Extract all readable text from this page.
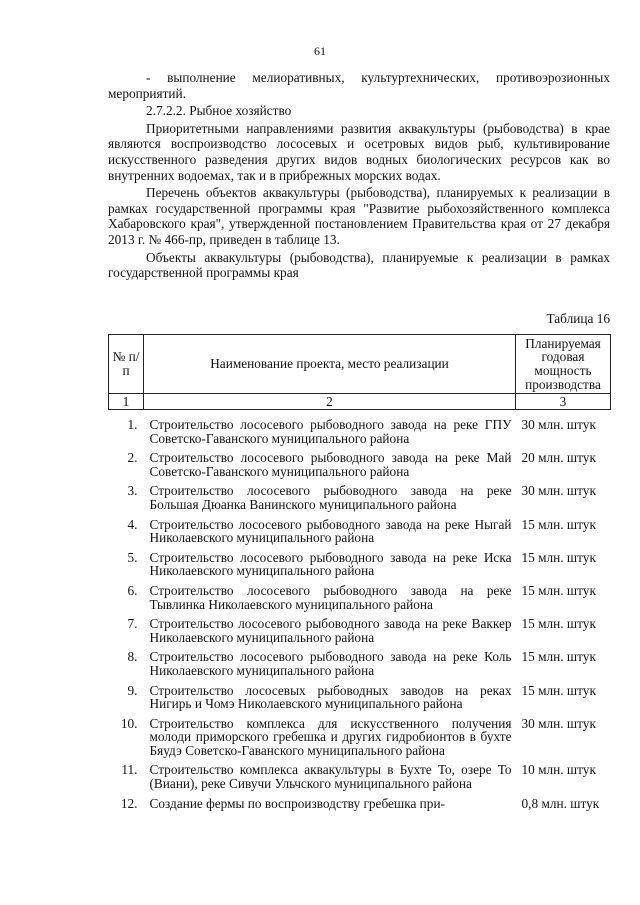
61

- выполнение мелиоративных, культуртехнических, противоэрозионных мероприятий.

2.7.2.2. Рыбное хозяйство

Приоритетными направлениями развития аквакультуры (рыбоводства) в крае являются воспроизводство лососевых и осетровых видов рыб, культивирование искусственного разведения других видов водных биологических ресурсов как во внутренних водоемах, так и в прибрежных морских водах.

Перечень объектов аквакультуры (рыбоводства), планируемых к реализации в рамках государственной программы края "Развитие рыбохозяйственного комплекса Хабаровского края", утвержденной постановлением Правительства края от 27 декабря 2013 г. № 466-пр, приведен в таблице 13.

Объекты аквакультуры (рыбоводства), планируемые к реализации в рамках государственной программы края

Таблица 16
№ п/п	Наименование проекта, место реализации	Планируемая годовая мощность производства
1	2	3
1.	Строительство лососевого рыбоводного завода на реке ГПУ Советско-Гаванского муниципального района	30 млн. штук
2.	Строительство лососевого рыбоводного завода на реке Май Советско-Гаванского муниципального района	20 млн. штук
3.	Строительство лососевого рыбоводного завода на реке Большая Дюанка Ванинского муниципального района	30 млн. штук
4.	Строительство лососевого рыбоводного завода на реке Ныгай Николаевского муниципального района	15 млн. штук
5.	Строительство лососевого рыбоводного завода на реке Иска Николаевского муниципального района	15 млн. штук
6.	Строительство лососевого рыбоводного завода на реке Тывлинка Николаевского муниципального района	15 млн. штук
7.	Строительство лососевого рыбоводного завода на реке Ваккер Николаевского муниципального района	15 млн. штук
8.	Строительство лососевого рыбоводного завода на реке Коль Николаевского муниципального района	15 млн. штук
9.	Строительство лососевых рыбоводных заводов на реках Нигирь и Чомэ Николаевского муниципального района	15 млн. штук
10.	Строительство комплекса для искусственного получения молоди приморского гребешка и других гидробионтов в бухте Бяудэ Советско-Гаванского муниципального района	30 млн. штук
11.	Строительство комплекса аквакультуры в Бухте То, озере То (Виани), реке Сивучи Ульчского муниципального района	10 млн. штук
12.	Создание фермы по воспроизводству гребешка при-	0,8 млн. штук
